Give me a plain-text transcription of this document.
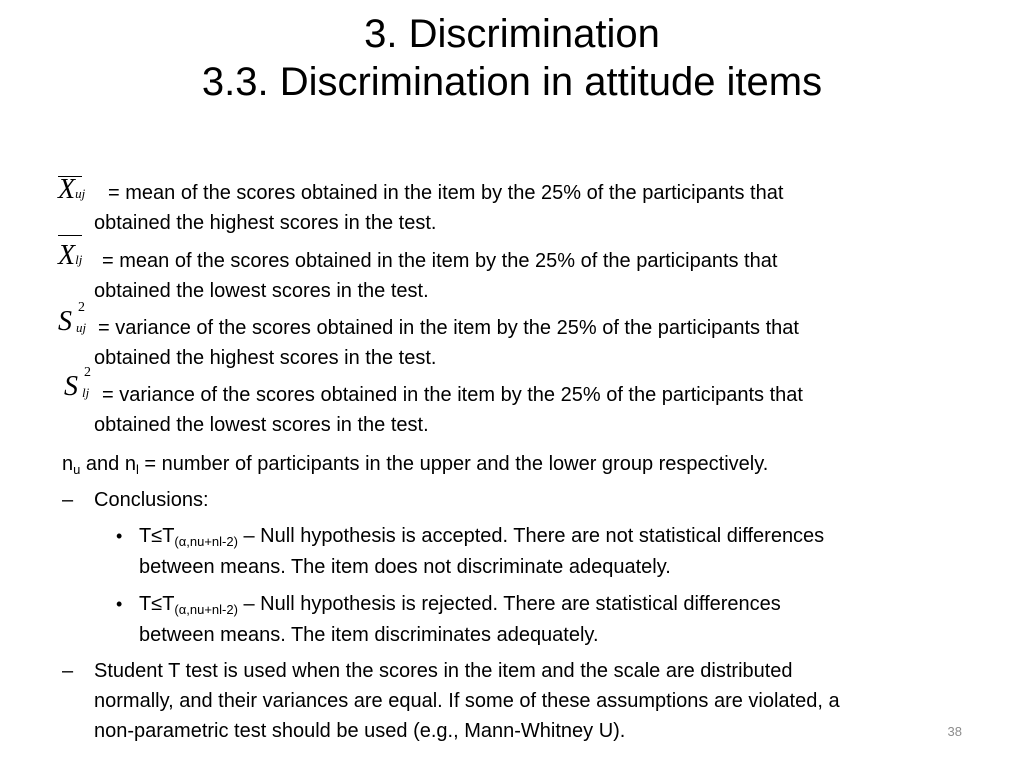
3. Discrimination
3.3. Discrimination in attitude items
Xuj = mean of the scores obtained in the item by the 25% of the participants that
obtained the highest scores in the test.
Xlj = mean of the scores obtained in the item by the 25% of the participants that
obtained the lowest scores in the test.
S 2
uj = variance of the scores obtained in the item by the 25% of the participants that
obtained the highest scores in the test.
S 2
lj = variance of the scores obtained in the item by the 25% of the participants that
obtained the lowest scores in the test.
$n_u$ and $n_l$ = number of participants in the upper and the lower group respectively.
– Conclusions:
• $T\le T_{(\alpha,nu+nl-2)}$ – Null hypothesis is accepted. There are not statistical differences
between means. The item does not discriminate adequately.
• $T\le T_{(\alpha,nu+nl-2)}$ – Null hypothesis is rejected. There are statistical differences
between means. The item discriminates adequately.
– Student T test is used when the scores in the item and the scale are distributed
normally, and their variances are equal. If some of these assumptions are violated, a
non-parametric test should be used (e.g., Mann-Whitney U).	38
